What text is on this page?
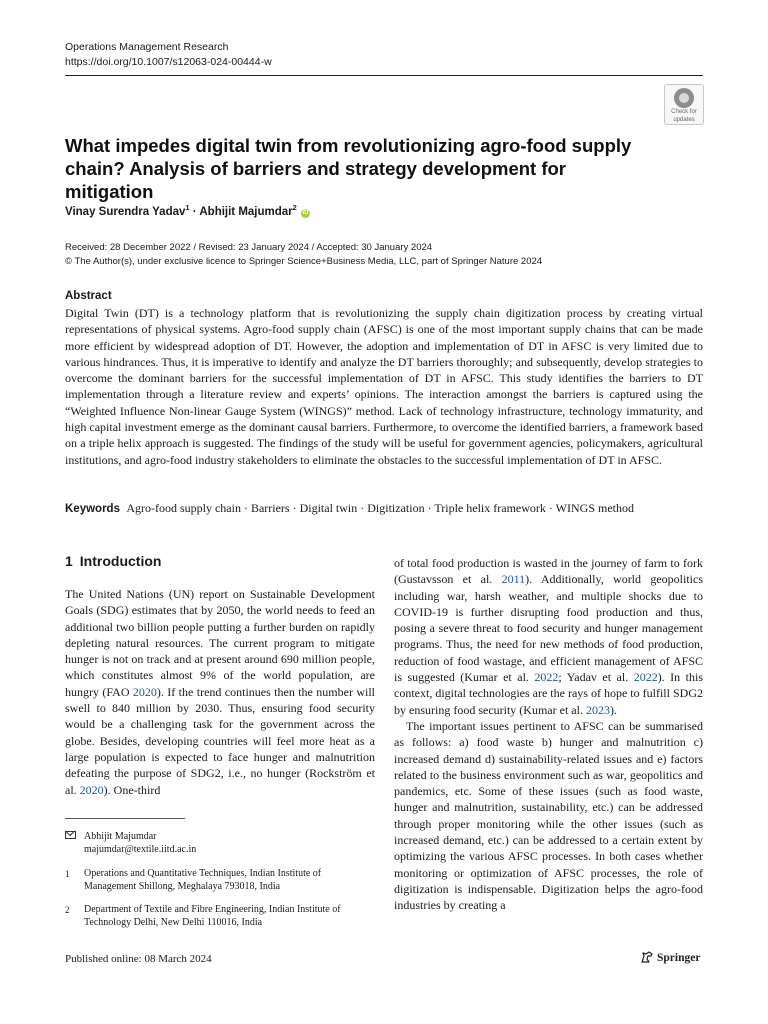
Operations Management Research
https://doi.org/10.1007/s12063-024-00444-w
Check for
updates
What impedes digital twin from revolutionizing agro-food supply chain? Analysis of barriers and strategy development for mitigation
Vinay Surendra Yadav$^1$ · Abhijit Majumdar$^2$ iD
Received: 28 December 2022 / Revised: 23 January 2024 / Accepted: 30 January 2024
© The Author(s), under exclusive licence to Springer Science+Business Media, LLC, part of Springer Nature 2024
Abstract
Digital Twin (DT) is a technology platform that is revolutionizing the supply chain digitization process by creating virtual representations of physical systems. Agro-food supply chain (AFSC) is one of the most important supply chains that can be made more efficient by widespread adoption of DT. However, the adoption and implementation of DT in AFSC is very limited due to various hindrances. Thus, it is imperative to identify and analyze the DT barriers thoroughly; and subsequently, develop strategies to overcome the dominant barriers for the successful implementation of DT in AFSC. This study identifies the barriers to DT implementation through a literature review and experts’ opinions. The interaction amongst the barriers is captured using the “Weighted Influence Non-linear Gauge System (WINGS)” method. Lack of technology infrastructure, technology immaturity, and high capital investment emerge as the dominant causal barriers. Furthermore, to overcome the identified barriers, a framework based on a triple helix approach is suggested. The findings of the study will be useful for government agencies, policymakers, agricultural institutions, and agro-food industry stakeholders to eliminate the obstacles to the successful implementation of DT in AFSC.
Keywords Agro-food supply chain · Barriers · Digital twin · Digitization · Triple helix framework · WINGS method
1 Introduction

The United Nations (UN) report on Sustainable Development Goals (SDG) estimates that by 2050, the world needs to feed an additional two billion people putting a further burden on rapidly depleting natural resources. The current program to mitigate hunger is not on track and at present around 690 million people, which constitutes almost 9% of the world population, are hungry (FAO 2020). If the trend continues then the number will swell to 840 million by 2030. Thus, ensuring food security would be a challenging task for the government across the globe. Besides, developing countries will feel more heat as a large population is expected to face hunger and malnutrition defeating the purpose of SDG2, i.e., no hunger (Rockström et al. 2020). One-third

of total food production is wasted in the journey of farm to fork (Gustavsson et al. 2011). Additionally, world geopolitics including war, harsh weather, and multiple shocks due to COVID-19 is further disrupting food production and thus, posing a severe threat to food security and hunger management programs. Thus, the need for new methods of food production, reduction of food wastage, and efficient management of AFSC is suggested (Kumar et al. 2022; Yadav et al. 2022). In this context, digital technologies are the rays of hope to fulfill SDG2 by ensuring food security (Kumar et al. 2023).

The important issues pertinent to AFSC can be summarised as follows: a) food waste b) hunger and malnutrition c) increased demand d) sustainability-related issues and e) factors related to the business environment such as war, geopolitics and pandemics, etc. Some of these issues (such as food waste, hunger and malnutrition, sustainability, etc.) can be addressed through proper monitoring while the other issues (such as increased demand, etc.) can be addressed to a certain extent by optimizing the various AFSC processes. In both cases whether monitoring or optimization of AFSC processes, the role of digitization is indispensable. Digitization helps the agro-food industries by creating a

Abhijit Majumdar
majumdar@textile.iitd.ac.in
1 Operations and Quantitative Techniques, Indian Institute of Management Shillong, Meghalaya 793018, India
2 Department of Textile and Fibre Engineering, Indian Institute of Technology Delhi, New Delhi 110016, India
Published online: 08 March 2024	Springer
